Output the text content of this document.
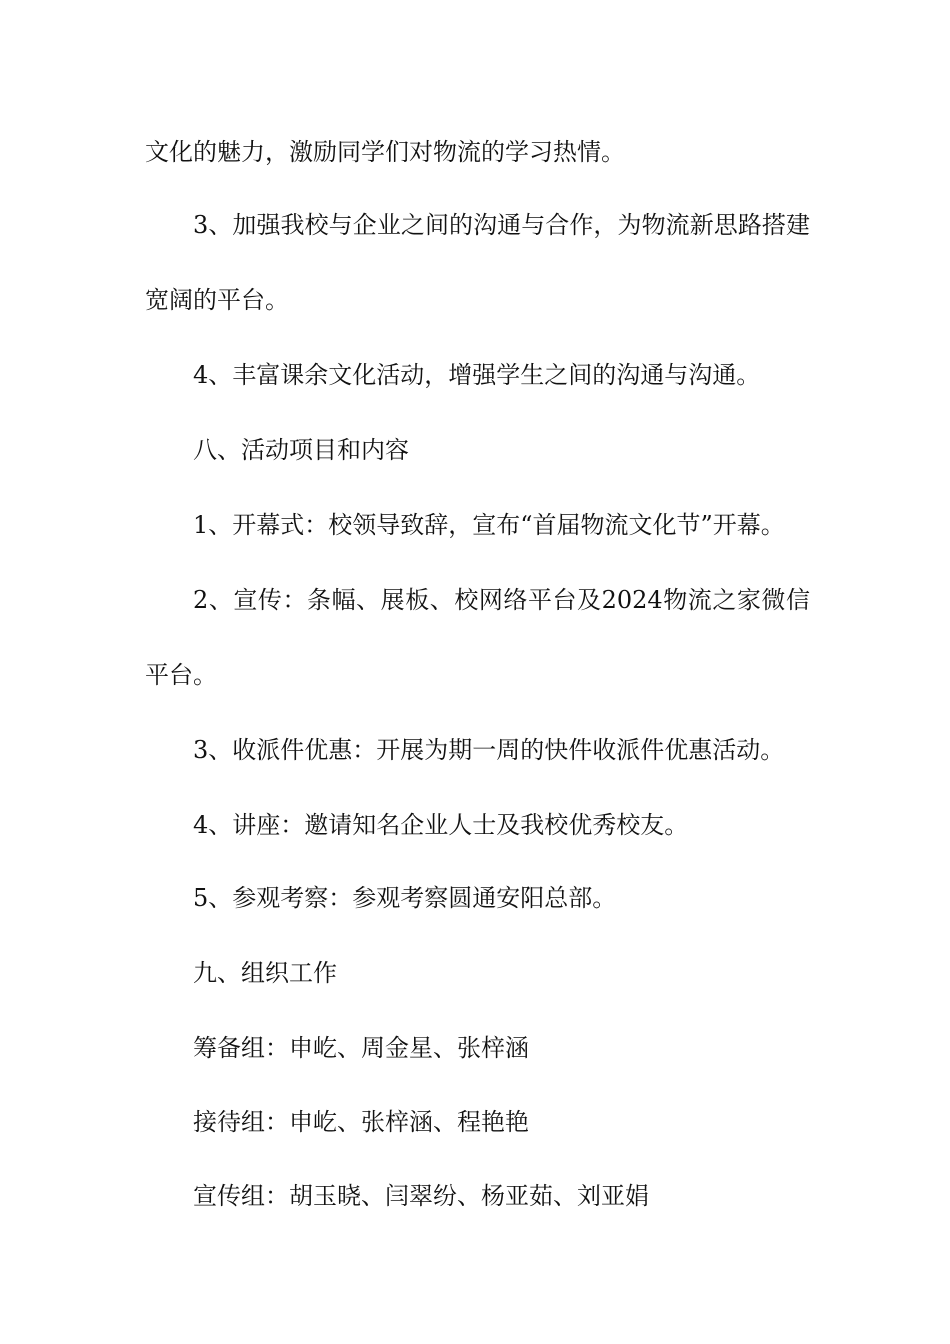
文化的魅力，激励同学们对物流的学习热情。
3、加强我校与企业之间的沟通与合作，为物流新思路搭建
宽阔的平台。
4、丰富课余文化活动，增强学生之间的沟通与沟通。
八、活动项目和内容
1、开幕式：校领导致辞，宣布“首届物流文化节”开幕。
2、宣传：条幅、展板、校网络平台及2024物流之家微信
平台。
3、收派件优惠：开展为期一周的快件收派件优惠活动。
4、讲座：邀请知名企业人士及我校优秀校友。
5、参观考察：参观考察圆通安阳总部。
九、组织工作
筹备组：申屹、周金星、张梓涵
接待组：申屹、张梓涵、程艳艳
宣传组：胡玉晓、闫翠纷、杨亚茹、刘亚娟
